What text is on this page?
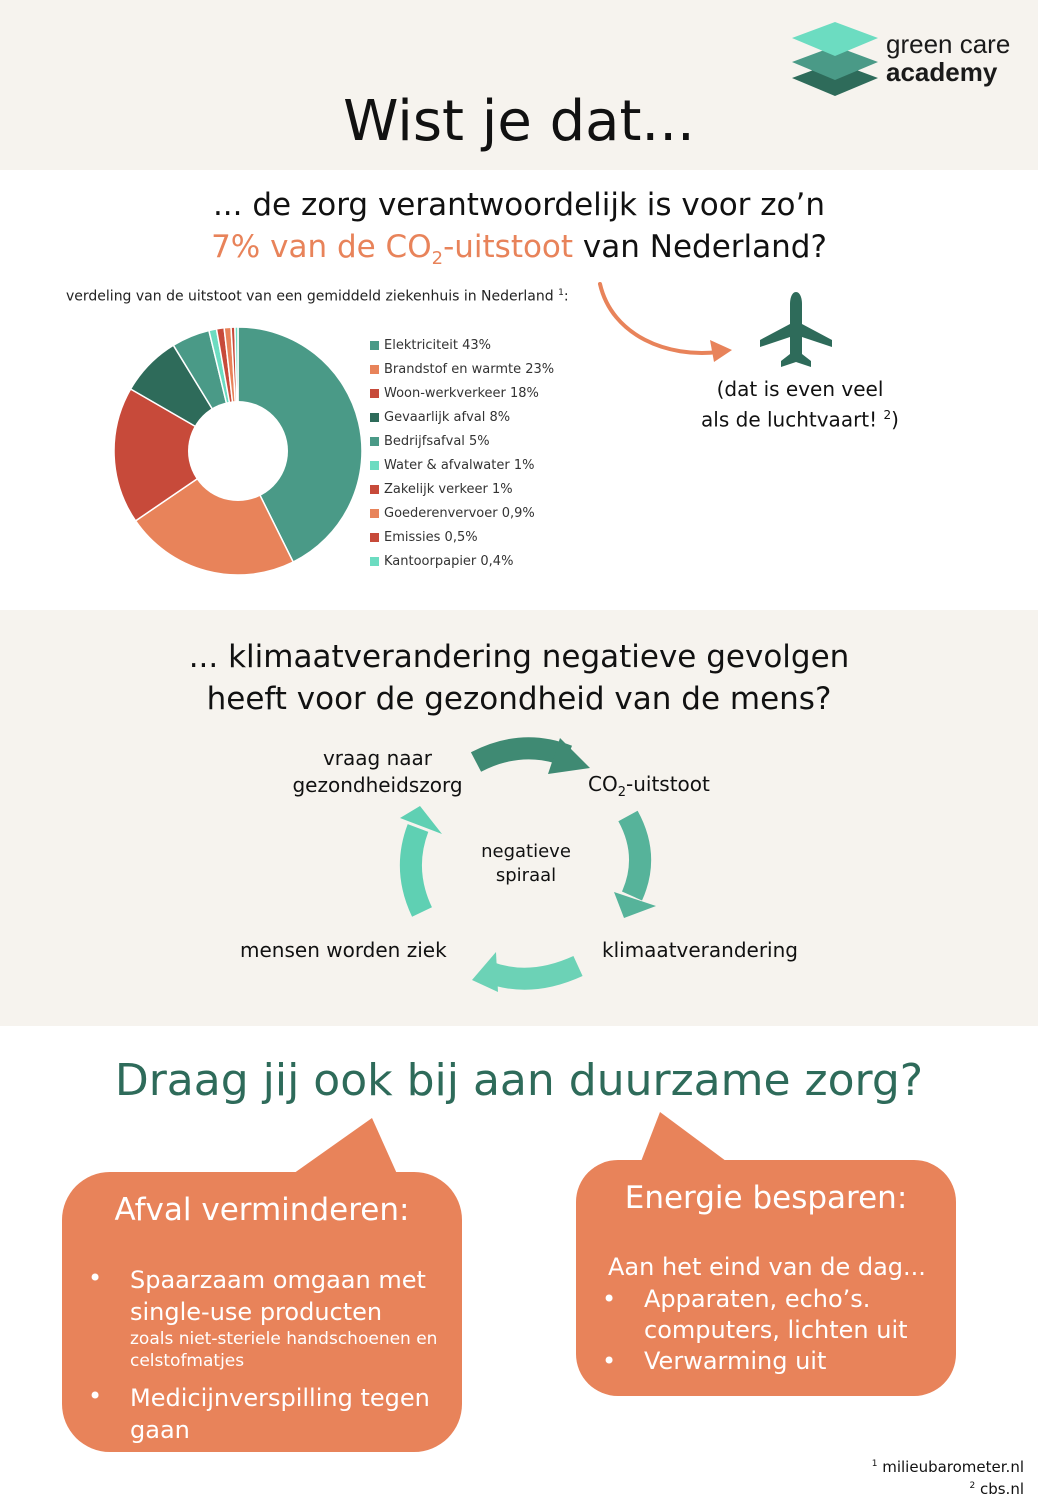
green care
academy
Wist je dat...
... de zorg verantwoordelijk is voor zo’n
7% van de $CO_2$-uitstoot van Nederland?
verdeling van de uitstoot van een gemiddeld ziekenhuis in Nederland $^1$:
Elektriciteit 43%
Brandstof en warmte 23%
Woon-werkverkeer 18%
Gevaarlijk afval 8%
Bedrijfsafval 5%
Water & afvalwater 1%
Zakelijk verkeer 1%
Goederenvervoer 0,9%
Emissies 0,5%
Kantoorpapier 0,4%
(dat is even veel
als de luchtvaart! $^2$)
... klimaatverandering negatieve gevolgen
heeft voor de gezondheid van de mens?
vraag naar
gezondheidszorg	$CO_2$-uitstoot
klimaatverandering
mensen worden ziek
negatieve
spiraal
Draag jij ook bij aan duurzame zorg?
Afval verminderen:
• Spaarzaam omgaan met single-use producten
zoals niet-steriele handschoenen en celstofmatjes
• Medicijnverspilling tegen gaan
Energie besparen:
Aan het eind van de dag...
• Apparaten, echo’s. computers, lichten uit
• Verwarming uit
$^1$ milieubarometer.nl
$^2$ cbs.nl
